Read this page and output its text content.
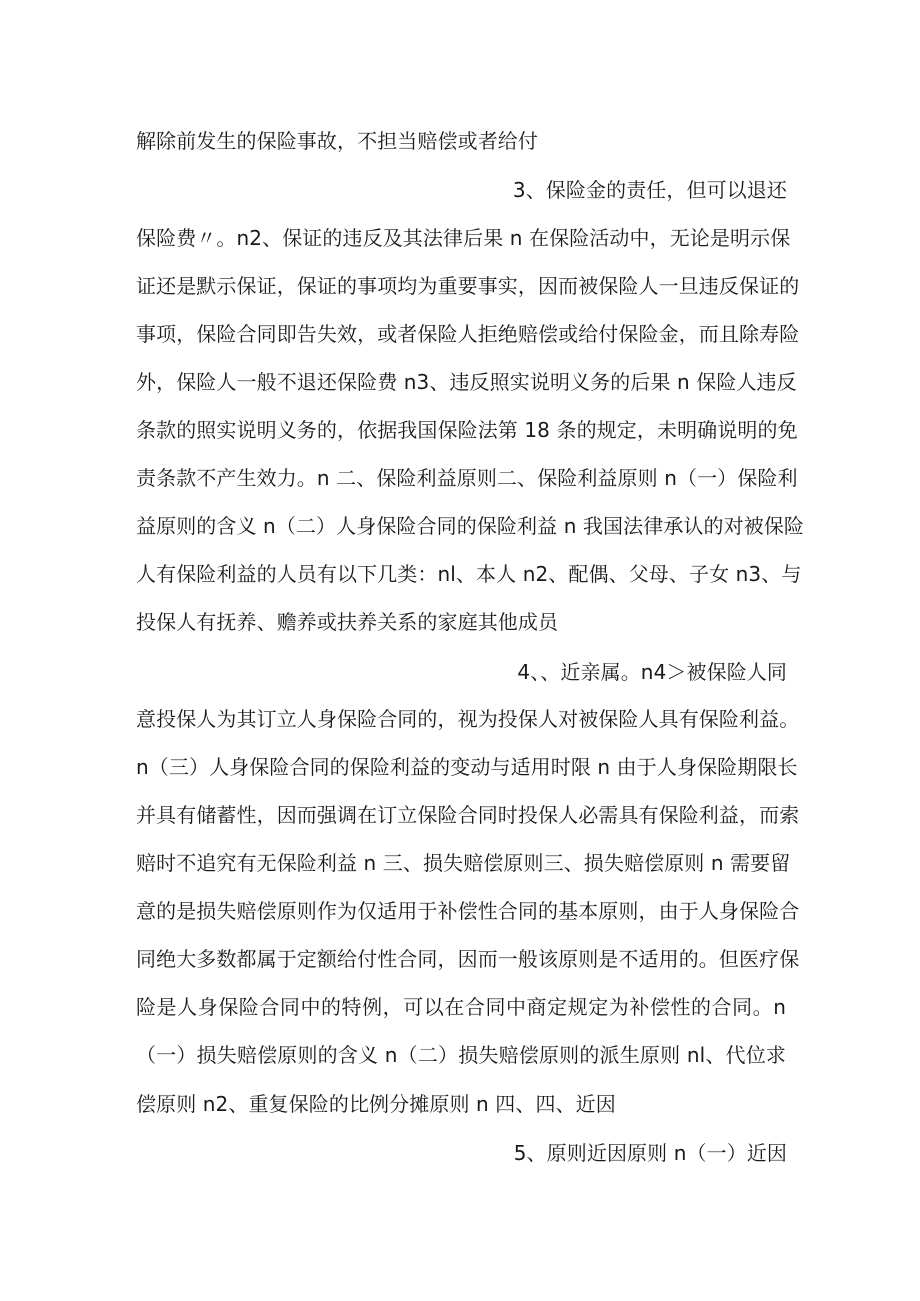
解除前发生的保险事故，不担当赔偿或者给付
3、保险金的责任，但可以退还
保险费〃。n2、保证的违反及其法律后果 n 在保险活动中，无论是明示保
证还是默示保证，保证的事项均为重要事实，因而被保险人一旦违反保证的
事项，保险合同即告失效，或者保险人拒绝赔偿或给付保险金，而且除寿险
外，保险人一般不退还保险费 n3、违反照实说明义务的后果 n 保险人违反
条款的照实说明义务的，依据我国保险法第 18 条的规定，未明确说明的免
责条款不产生效力。n 二、保险利益原则二、保险利益原则 n（一）保险利
益原则的含义 n（二）人身保险合同的保险利益 n 我国法律承认的对被保险
人有保险利益的人员有以下几类：nl、本人 n2、配偶、父母、子女 n3、与
投保人有抚养、赡养或扶养关系的家庭其他成员
4、、近亲属。n4＞被保险人同
意投保人为其订立人身保险合同的，视为投保人对被保险人具有保险利益。
n（三）人身保险合同的保险利益的变动与适用时限 n 由于人身保险期限长
并具有储蓄性，因而强调在订立保险合同时投保人必需具有保险利益，而索
赔时不追究有无保险利益 n 三、损失赔偿原则三、损失赔偿原则 n 需要留
意的是损失赔偿原则作为仅适用于补偿性合同的基本原则，由于人身保险合
同绝大多数都属于定额给付性合同，因而一般该原则是不适用的。但医疗保
险是人身保险合同中的特例，可以在合同中商定规定为补偿性的合同。n
（一）损失赔偿原则的含义 n（二）损失赔偿原则的派生原则 nl、代位求
偿原则 n2、重复保险的比例分摊原则 n 四、四、近因
5、原则近因原则 n（一）近因
